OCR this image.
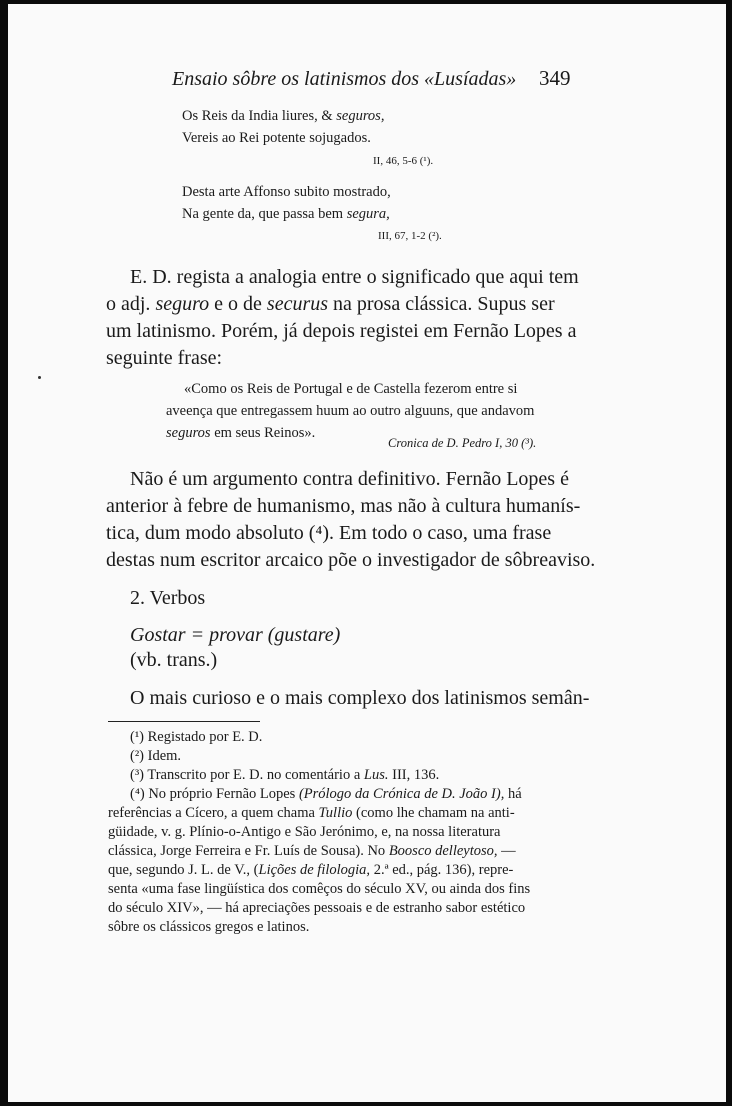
Ensaio sôbre os latinismos dos «Lusíadas» 349
Os Reis da India liures, & seguros,
Vereis ao Rei potente sojugados.
II, 46, 5-6 (¹).
Desta arte Affonso subito mostrado,
Na gente da, que passa bem segura,
III, 67, 1-2 (²).
E. D. regista a analogia entre o significado que aqui tem
o adj. seguro e o de securus na prosa clássica. Supus ser
um latinismo. Porém, já depois registei em Fernão Lopes a
seguinte frase:
«Como os Reis de Portugal e de Castella fezerom entre si
aveença que entregassem huum ao outro alguuns, que andavom
seguros em seus Reinos».
Cronica de D. Pedro I, 30 (³).
Não é um argumento contra definitivo. Fernão Lopes é
anterior à febre de humanismo, mas não à cultura humanís-
tica, dum modo absoluto (⁴). Em todo o caso, uma frase
destas num escritor arcaico põe o investigador de sôbreaviso.
2. Verbos
Gostar = provar (gustare)
(vb. trans.)
O mais curioso e o mais complexo dos latinismos semân-
(¹) Registado por E. D.
(²) Idem.
(³) Transcrito por E. D. no comentário a Lus. III, 136.
(⁴) No próprio Fernão Lopes (Prólogo da Crónica de D. João I), há
referências a Cícero, a quem chama Tullio (como lhe chamam na anti-
güidade, v. g. Plínio-o-Antigo e São Jerónimo, e, na nossa literatura
clássica, Jorge Ferreira e Fr. Luís de Sousa). No Boosco delleytoso, —
que, segundo J. L. de V., (Lições de filologia, 2.ª ed., pág. 136), repre-
senta «uma fase lingüística dos comêços do século XV, ou ainda dos fins
do século XIV», — há apreciações pessoais e de estranho sabor estético
sôbre os clássicos gregos e latinos.
